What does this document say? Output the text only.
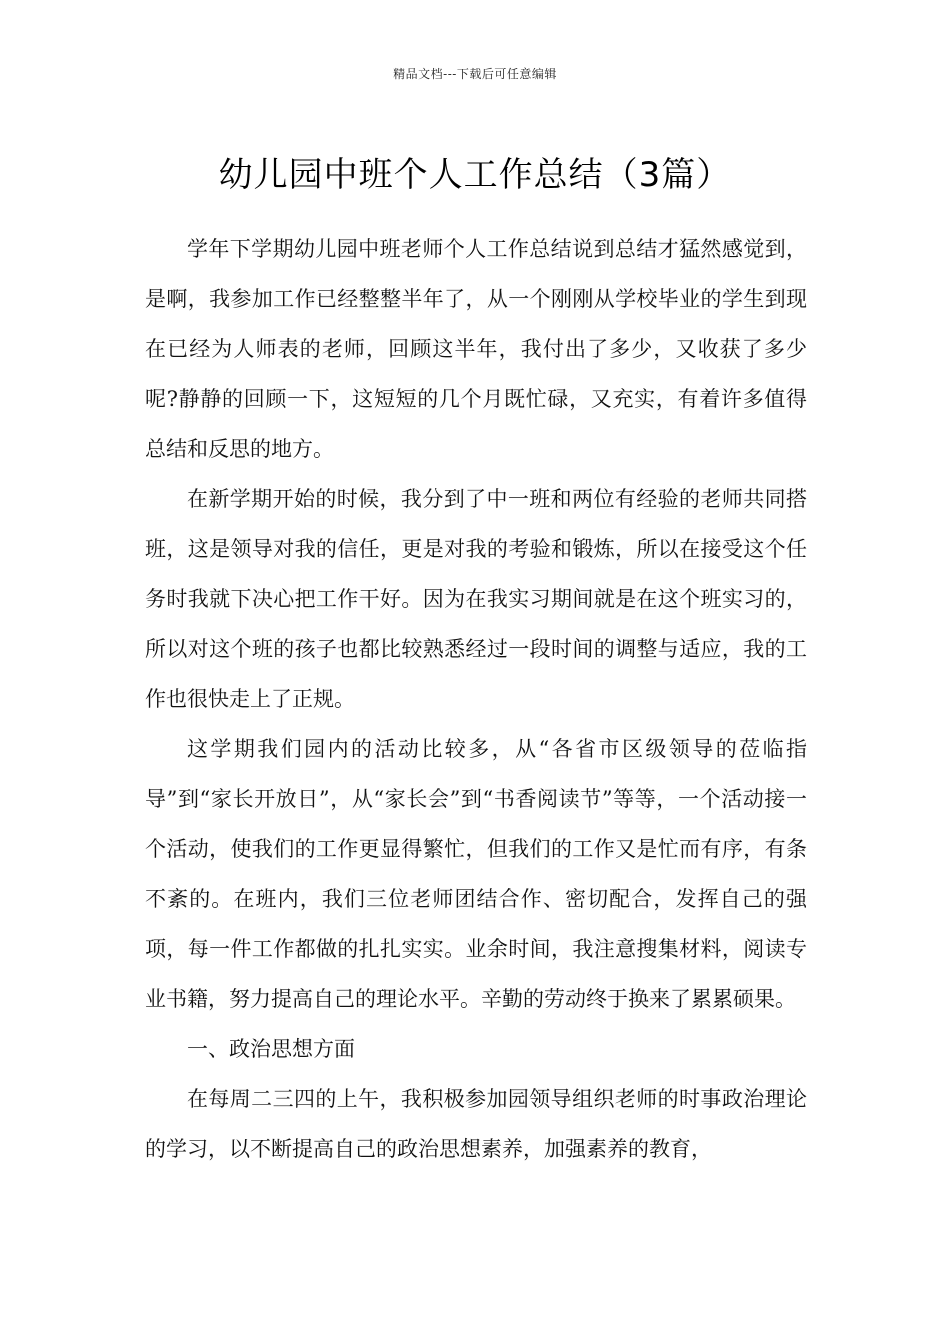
精品文档---下载后可任意编辑
幼儿园中班个人工作总结（3篇）

学年下学期幼儿园中班老师个人工作总结说到总结才猛然感觉到，是啊，我参加工作已经整整半年了，从一个刚刚从学校毕业的学生到现在已经为人师表的老师，回顾这半年，我付出了多少，又收获了多少呢?静静的回顾一下，这短短的几个月既忙碌，又充实，有着许多值得总结和反思的地方。

在新学期开始的时候，我分到了中一班和两位有经验的老师共同搭班，这是领导对我的信任，更是对我的考验和锻炼，所以在接受这个任务时我就下决心把工作干好。因为在我实习期间就是在这个班实习的，所以对这个班的孩子也都比较熟悉经过一段时间的调整与适应，我的工作也很快走上了正规。

这学期我们园内的活动比较多，从“各省市区级领导的莅临指导”到“家长开放日”，从“家长会”到“书香阅读节”等等，一个活动接一个活动，使我们的工作更显得繁忙，但我们的工作又是忙而有序，有条不紊的。在班内，我们三位老师团结合作、密切配合，发挥自己的强项，每一件工作都做的扎扎实实。业余时间，我注意搜集材料，阅读专业书籍，努力提高自己的理论水平。辛勤的劳动终于换来了累累硕果。

一、政治思想方面

在每周二三四的上午，我积极参加园领导组织老师的时事政治理论的学习，以不断提高自己的政治思想素养，加强素养的教育，
